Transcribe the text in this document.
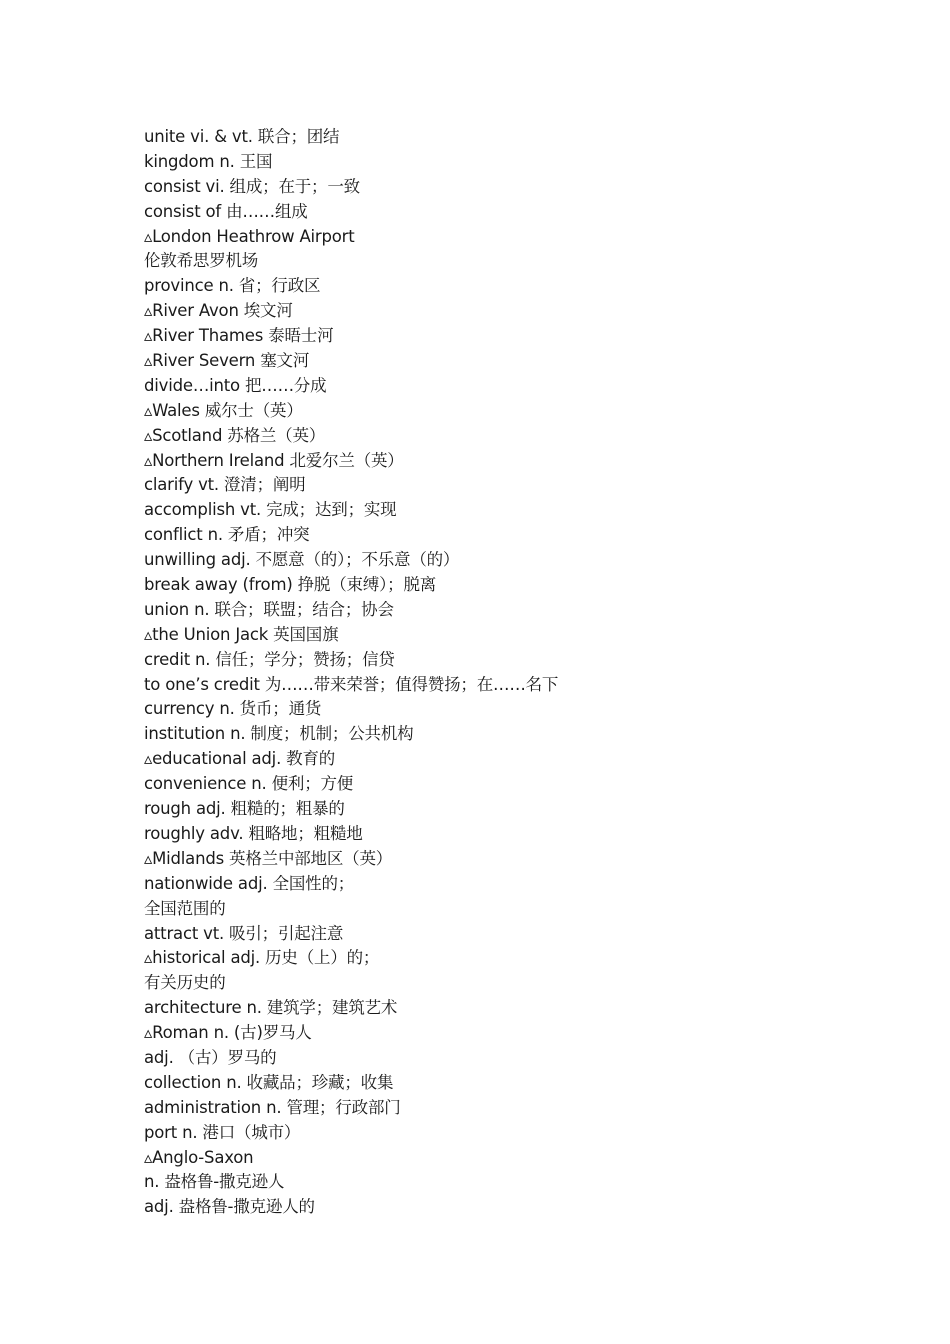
unite vi. & vt. 联合；团结
kingdom n. 王国
consist vi. 组成；在于；一致
consist of 由……组成
▵London Heathrow Airport
伦敦希思罗机场
province n. 省；行政区
▵River Avon 埃文河
▵River Thames 泰晤士河
▵River Severn 塞文河
divide…into 把……分成
▵Wales 威尔士（英）
▵Scotland 苏格兰（英）
▵Northern Ireland 北爱尔兰（英）
clarify vt. 澄清；阐明
accomplish vt. 完成；达到；实现
conflict n. 矛盾；冲突
unwilling adj. 不愿意（的）；不乐意（的）
break away (from) 挣脱（束缚）；脱离
union n. 联合；联盟；结合；协会
▵the Union Jack 英国国旗
credit n. 信任；学分；赞扬；信贷
to one’s credit 为……带来荣誉；值得赞扬；在……名下
currency n. 货币；通货
institution n. 制度；机制；公共机构
▵educational adj. 教育的
convenience n. 便利；方便
rough adj. 粗糙的；粗暴的
roughly adv. 粗略地；粗糙地
▵Midlands 英格兰中部地区（英）
nationwide adj. 全国性的；
全国范围的
attract vt. 吸引；引起注意
▵historical adj. 历史（上）的；
有关历史的
architecture n. 建筑学；建筑艺术
▵Roman n. (古)罗马人
adj. （古）罗马的
collection n. 收藏品；珍藏；收集
administration n. 管理；行政部门
port n. 港口（城市）
▵Anglo-Saxon
n. 盎格鲁-撒克逊人
adj. 盎格鲁-撒克逊人的
